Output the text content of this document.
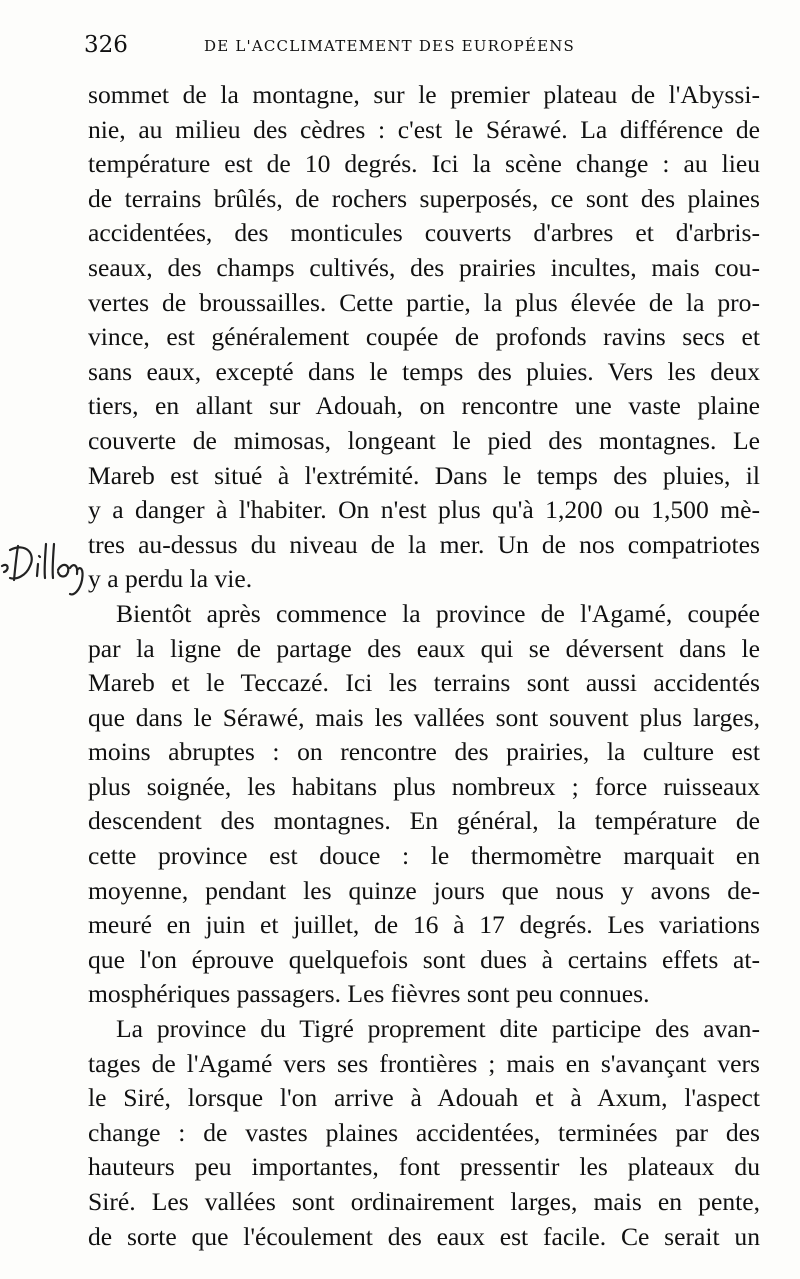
326	DE L'ACCLIMATEMENT DES EUROPÉENS
sommet de la montagne, sur le premier plateau de l'Abyssi-
nie, au milieu des cèdres : c'est le Sérawé. La différence de
température est de 10 degrés. Ici la scène change : au lieu
de terrains brûlés, de rochers superposés, ce sont des plaines
accidentées, des monticules couverts d'arbres et d'arbris-
seaux, des champs cultivés, des prairies incultes, mais cou-
vertes de broussailles. Cette partie, la plus élevée de la pro-
vince, est généralement coupée de profonds ravins secs et
sans eaux, excepté dans le temps des pluies. Vers les deux
tiers, en allant sur Adouah, on rencontre une vaste plaine
couverte de mimosas, longeant le pied des montagnes. Le
Mareb est situé à l'extrémité. Dans le temps des pluies, il
y a danger à l'habiter. On n'est plus qu'à 1,200 ou 1,500 mè-
tres au-dessus du niveau de la mer. Un de nos compatriotes
y a perdu la vie.
Bientôt après commence la province de l'Agamé, coupée
par la ligne de partage des eaux qui se déversent dans le
Mareb et le Teccazé. Ici les terrains sont aussi accidentés
que dans le Sérawé, mais les vallées sont souvent plus larges,
moins abruptes : on rencontre des prairies, la culture est
plus soignée, les habitans plus nombreux ; force ruisseaux
descendent des montagnes. En général, la température de
cette province est douce : le thermomètre marquait en
moyenne, pendant les quinze jours que nous y avons de-
meuré en juin et juillet, de 16 à 17 degrés. Les variations
que l'on éprouve quelquefois sont dues à certains effets at-
mosphériques passagers. Les fièvres sont peu connues.
La province du Tigré proprement dite participe des avan-
tages de l'Agamé vers ses frontières ; mais en s'avançant vers
le Siré, lorsque l'on arrive à Adouah et à Axum, l'aspect
change : de vastes plaines accidentées, terminées par des
hauteurs peu importantes, font pressentir les plateaux du
Siré. Les vallées sont ordinairement larges, mais en pente,
de sorte que l'écoulement des eaux est facile. Ce serait un
